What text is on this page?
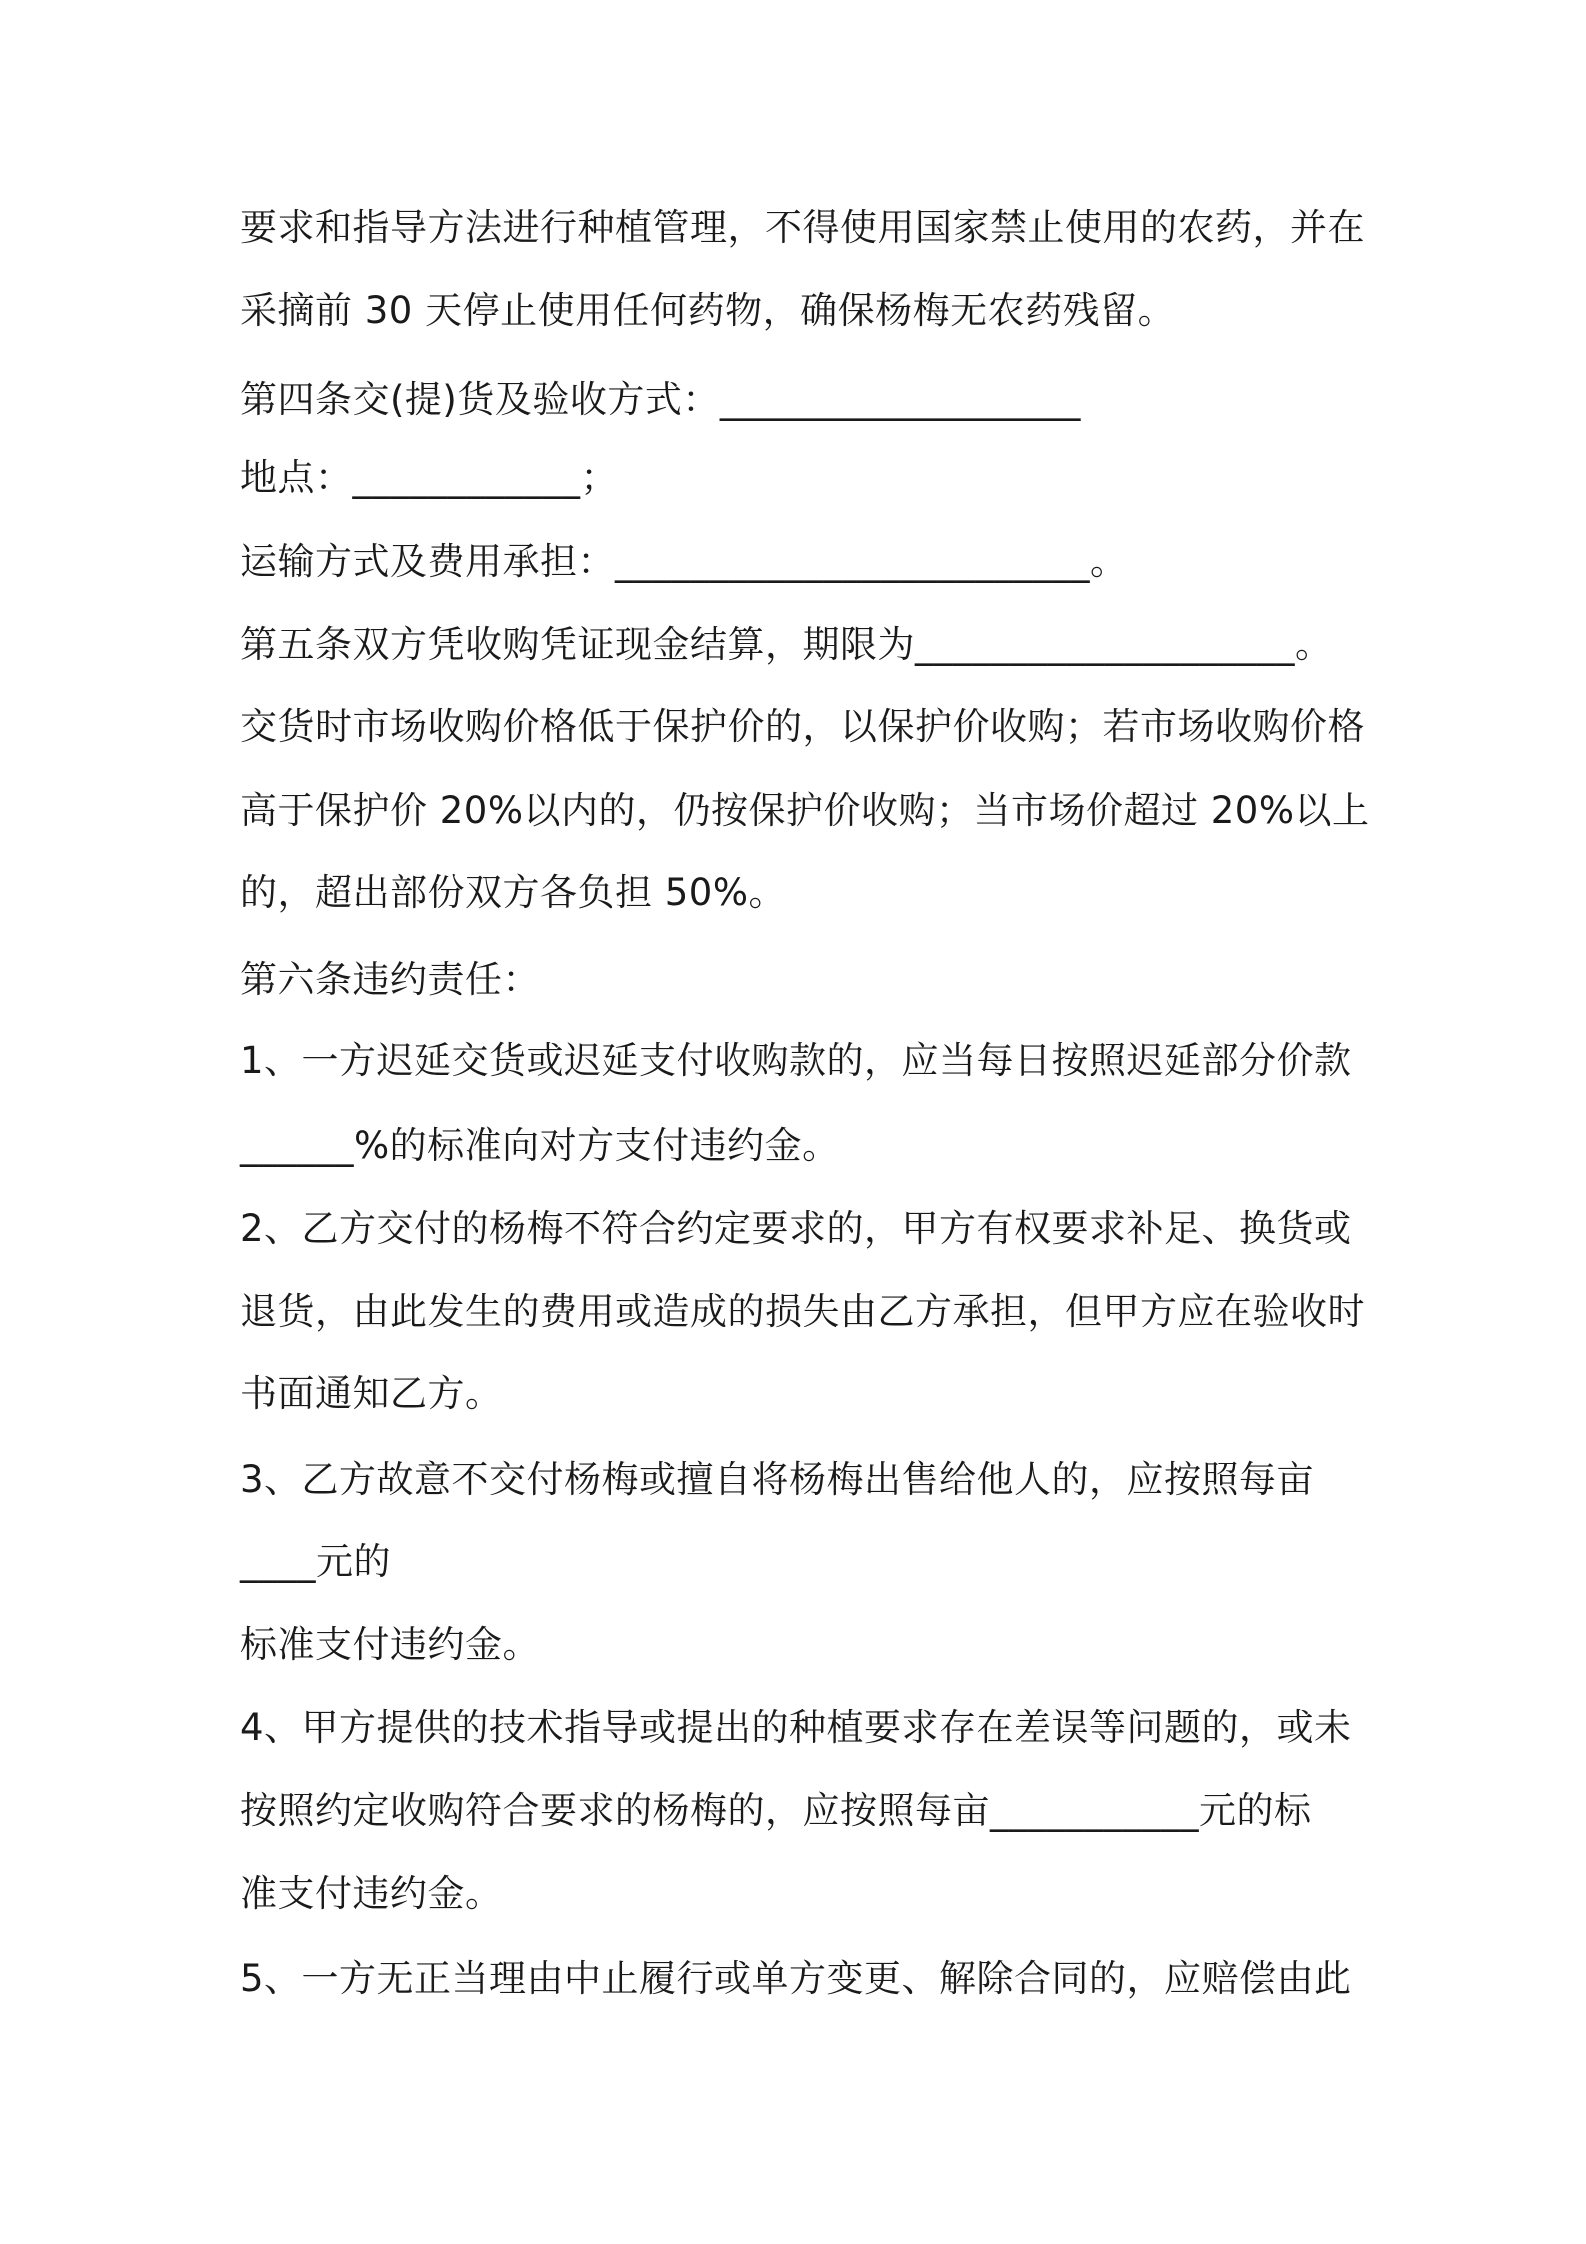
要求和指导方法进行种植管理，不得使用国家禁止使用的农药，并在
采摘前 30 天停止使用任何药物，确保杨梅无农药残留。
第四条交(提)货及验收方式：___________________
地点：____________；
运输方式及费用承担：_________________________。
第五条双方凭收购凭证现金结算，期限为____________________。
交货时市场收购价格低于保护价的，以保护价收购；若市场收购价格
高于保护价 20%以内的，仍按保护价收购；当市场价超过 20%以上
的，超出部份双方各负担 50%。
第六条违约责任：
1、一方迟延交货或迟延支付收购款的，应当每日按照迟延部分价款
______%的标准向对方支付违约金。
2、乙方交付的杨梅不符合约定要求的，甲方有权要求补足、换货或
退货，由此发生的费用或造成的损失由乙方承担，但甲方应在验收时
书面通知乙方。
3、乙方故意不交付杨梅或擅自将杨梅出售给他人的，应按照每亩
____元的
标准支付违约金。
4、甲方提供的技术指导或提出的种植要求存在差误等问题的，或未
按照约定收购符合要求的杨梅的，应按照每亩___________元的标
准支付违约金。
5、一方无正当理由中止履行或单方变更、解除合同的，应赔偿由此
